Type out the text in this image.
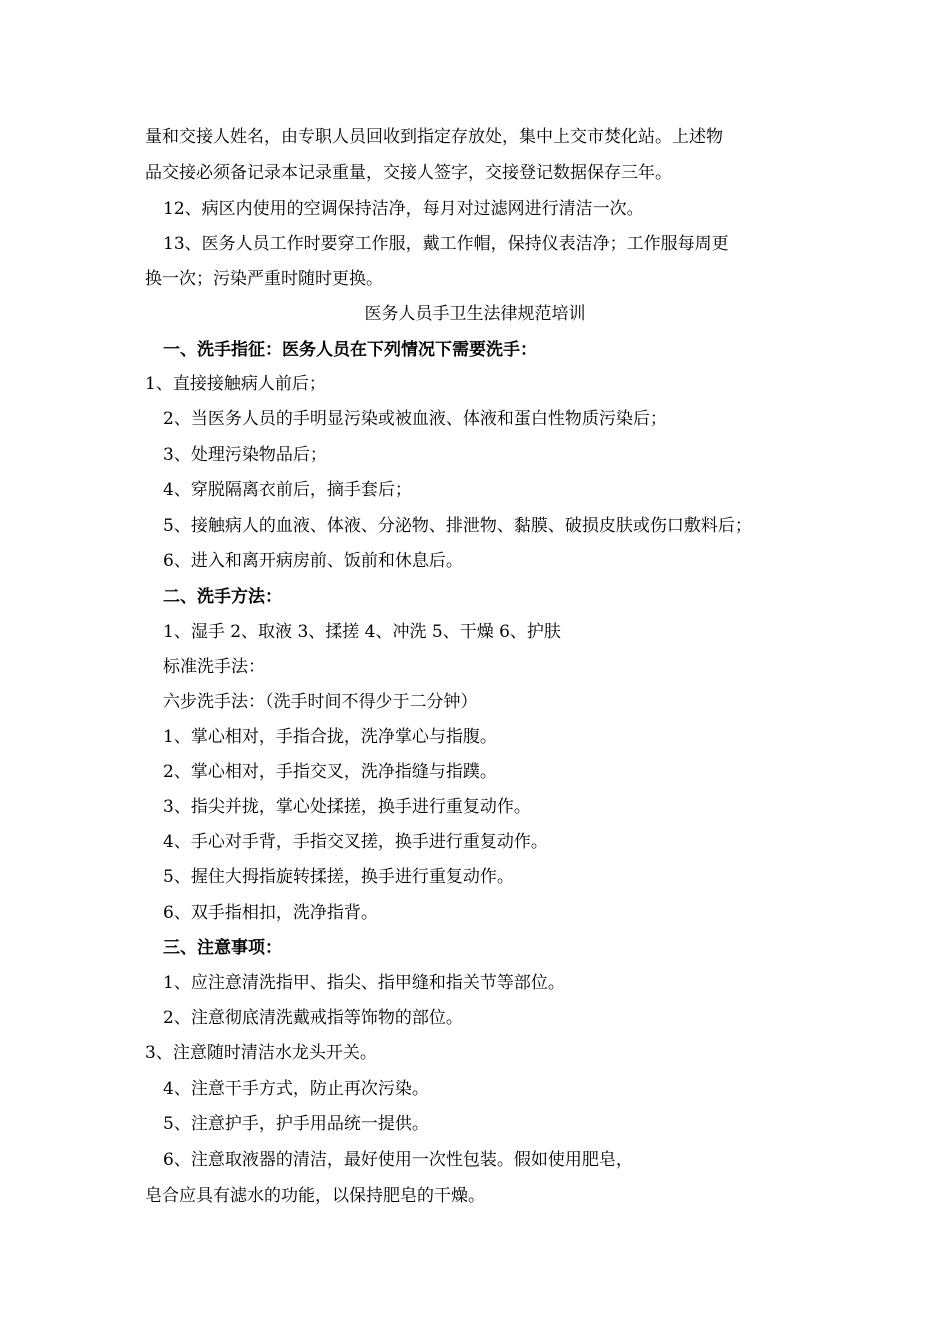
量和交接人姓名，由专职人员回收到指定存放处，集中上交市焚化站。上述物
品交接必须备记录本记录重量，交接人签字，交接登记数据保存三年。
12、病区内使用的空调保持洁净，每月对过滤网进行清洁一次。
13、医务人员工作时要穿工作服，戴工作帽，保持仪表洁净；工作服每周更
换一次；污染严重时随时更换。
医务人员手卫生法律规范培训
一、洗手指征：医务人员在下列情况下需要洗手：
1、直接接触病人前后；
2、当医务人员的手明显污染或被血液、体液和蛋白性物质污染后；
3、处理污染物品后；
4、穿脱隔离衣前后，摘手套后；
5、接触病人的血液、体液、分泌物、排泄物、黏膜、破损皮肤或伤口敷料后；
6、进入和离开病房前、饭前和休息后。
二、洗手方法：
1、湿手 2、取液 3、揉搓 4、冲洗 5、干燥 6、护肤
标准洗手法：
六步洗手法：（洗手时间不得少于二分钟）
1、掌心相对，手指合拢，洗净掌心与指腹。
2、掌心相对，手指交叉，洗净指缝与指蹼。
3、指尖并拢，掌心处揉搓，换手进行重复动作。
4、手心对手背，手指交叉搓，换手进行重复动作。
5、握住大拇指旋转揉搓，换手进行重复动作。
6、双手指相扣，洗净指背。
三、注意事项：
1、应注意清洗指甲、指尖、指甲缝和指关节等部位。
2、注意彻底清洗戴戒指等饰物的部位。
3、注意随时清洁水龙头开关。
4、注意干手方式，防止再次污染。
5、注意护手，护手用品统一提供。
6、注意取液器的清洁，最好使用一次性包装。假如使用肥皂，
皂合应具有滤水的功能，以保持肥皂的干燥。
